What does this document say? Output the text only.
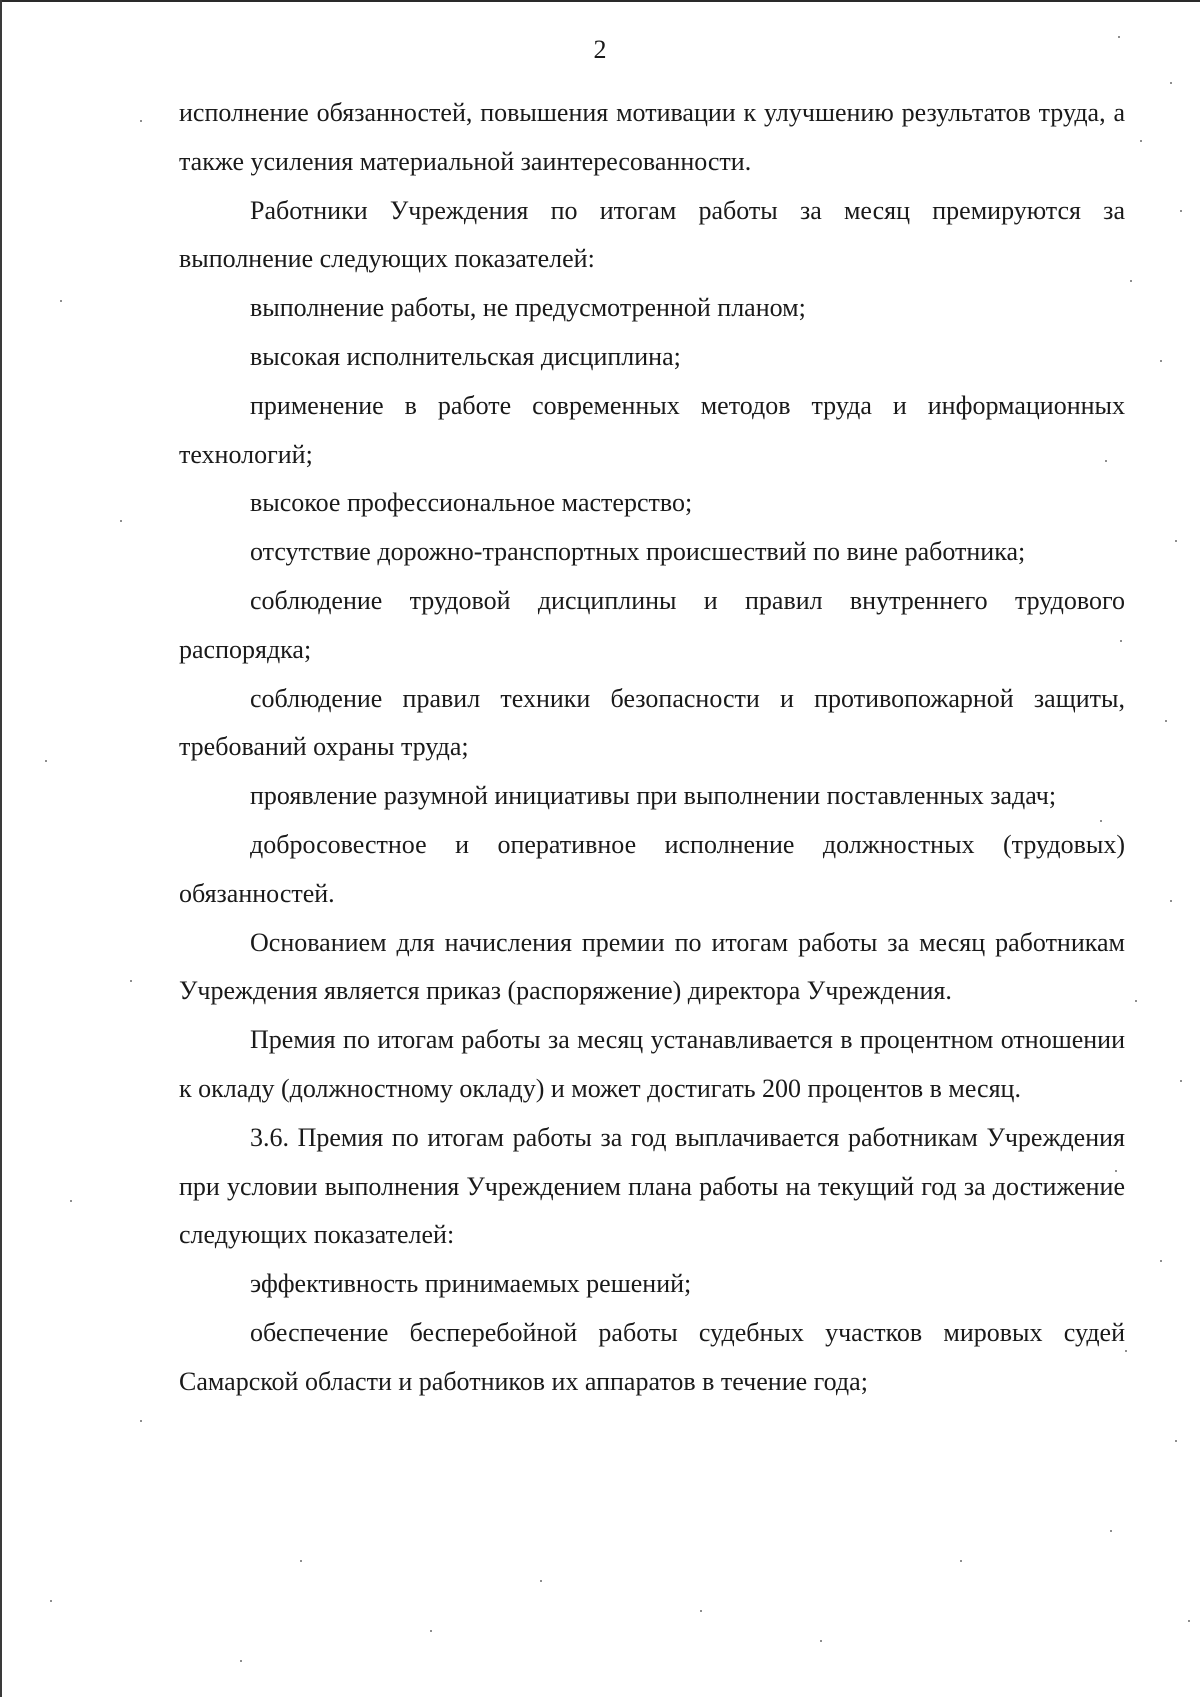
2

исполнение обязанностей, повышения мотивации к улучшению результатов труда, а также усиления материальной заинтересованности.

Работники Учреждения по итогам работы за месяц премируются за выполнение следующих показателей:

выполнение работы, не предусмотренной планом;

высокая исполнительская дисциплина;

применение в работе современных методов труда и информационных технологий;

высокое профессиональное мастерство;

отсутствие дорожно-транспортных происшествий по вине работника;

соблюдение трудовой дисциплины и правил внутреннего трудового распорядка;

соблюдение правил техники безопасности и противопожарной защиты, требований охраны труда;

проявление разумной инициативы при выполнении поставленных задач;

добросовестное и оперативное исполнение должностных (трудовых) обязанностей.

Основанием для начисления премии по итогам работы за месяц работникам Учреждения является приказ (распоряжение) директора Учреждения.

Премия по итогам работы за месяц устанавливается в процентном отношении к окладу (должностному окладу) и может достигать 200 процентов в месяц.

3.6. Премия по итогам работы за год выплачивается работникам Учреждения при условии выполнения Учреждением плана работы на текущий год за достижение следующих показателей:

эффективность принимаемых решений;

обеспечение бесперебойной работы судебных участков мировых судей Самарской области и работников их аппаратов в течение года;
